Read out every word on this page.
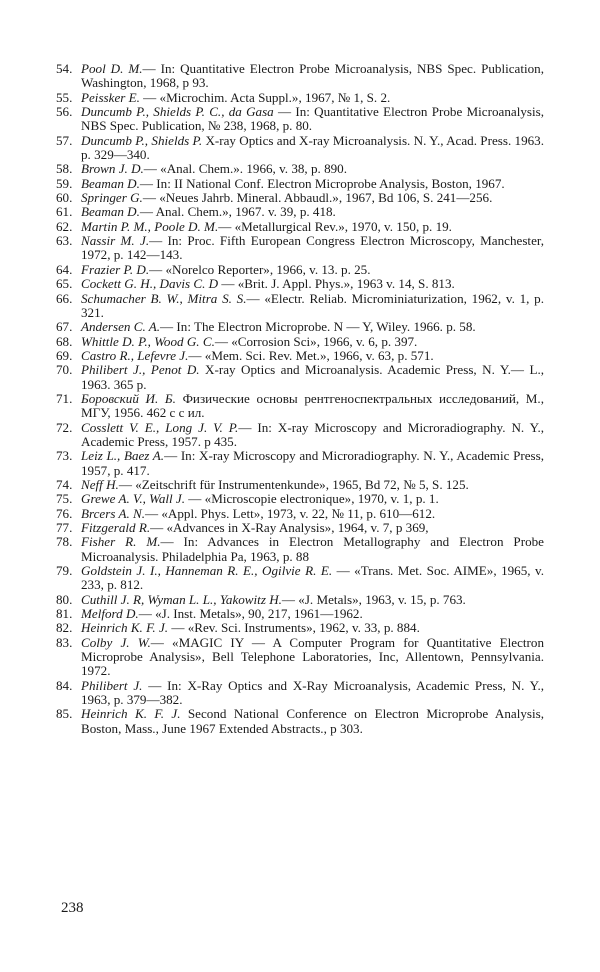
54. Pool D. M.— In: Quantitative Electron Probe Microanalysis, NBS Spec. Publication, Washington, 1968, p 93.
55. Peissker E. — «Microchim. Acta Suppl.», 1967, № 1, S. 2.
56. Duncumb P., Shields P. C., da Gasa — In: Quantitative Electron Probe Microanalysis, NBS Spec. Publication, № 238, 1968, p. 80.
57. Duncumb P., Shields P. X-ray Optics and X-ray Microanalysis. N. Y., Acad. Press. 1963. p. 329—340.
58. Brown J. D.— «Anal. Chem.». 1966, v. 38, p. 890.
59. Beaman D.— In: II National Conf. Electron Microprobe Analysis, Boston, 1967.
60. Springer G.— «Neues Jahrb. Mineral. Abbaudl.», 1967, Bd 106, S. 241—256.
61. Beaman D.— Anal. Chem.», 1967. v. 39, p. 418.
62. Martin P. M., Poole D. M.— «Metallurgical Rev.», 1970, v. 150, p. 19.
63. Nassir M. J.— In: Proc. Fifth European Congress Electron Microscopy, Manchester, 1972, p. 142—143.
64. Frazier P. D.— «Norelco Reporter», 1966, v. 13. p. 25.
65. Cockett G. H., Davis C. D — «Brit. J. Appl. Phys.», 1963 v. 14, S. 813.
66. Schumacher B. W., Mitra S. S.— «Electr. Reliab. Microminiaturization, 1962, v. 1, p. 321.
67. Andersen C. A.— In: The Electron Microprobe. N — Y, Wiley. 1966. p. 58.
68. Whittle D. P., Wood G. C.— «Corrosion Sci», 1966, v. 6, p. 397.
69. Castro R., Lefevre J.— «Mem. Sci. Rev. Met.», 1966, v. 63, p. 571.
70. Philibert J., Penot D. X-ray Optics and Microanalysis. Academic Press, N. Y.— L., 1963. 365 p.
71. Боровский И. Б. Физические основы рентгеноспектральных исследований, М., МГУ, 1956. 462 с с ил.
72. Cosslett V. E., Long J. V. P.— In: X-ray Microscopy and Microradiography. N. Y., Academic Press, 1957. p 435.
73. Leiz L., Baez A.— In: X-ray Microscopy and Microradiography. N. Y., Academic Press, 1957, p. 417.
74. Neff H.— «Zeitschrift für Instrumentenkunde», 1965, Bd 72, № 5, S. 125.
75. Grewe A. V., Wall J. — «Microscopie electronique», 1970, v. 1, p. 1.
76. Brcers A. N.— «Appl. Phys. Lett», 1973, v. 22, № 11, p. 610—612.
77. Fitzgerald R.— «Advances in X-Ray Analysis», 1964, v. 7, p 369,
78. Fisher R. M.— In: Advances in Electron Metallography and Electron Probe Microanalysis. Philadelphia Pa, 1963, p. 88
79. Goldstein J. I., Hanneman R. E., Ogilvie R. E. — «Trans. Met. Soc. AIME», 1965, v. 233, p. 812.
80. Cuthill J. R, Wyman L. L., Yakowitz H.— «J. Metals», 1963, v. 15, p. 763.
81. Melford D.— «J. Inst. Metals», 90, 217, 1961—1962.
82. Heinrich K. F. J. — «Rev. Sci. Instruments», 1962, v. 33, p. 884.
83. Colby J. W.— «MAGIC IY — A Computer Program for Quantitative Electron Microprobe Analysis», Bell Telephone Laboratories, Inc, Allentown, Pennsylvania. 1972.
84. Philibert J. — In: X-Ray Optics and X-Ray Microanalysis, Academic Press, N. Y., 1963, p. 379—382.
85. Heinrich K. F. J. Second National Conference on Electron Microprobe Analysis, Boston, Mass., June 1967 Extended Abstracts., p 303.
238
